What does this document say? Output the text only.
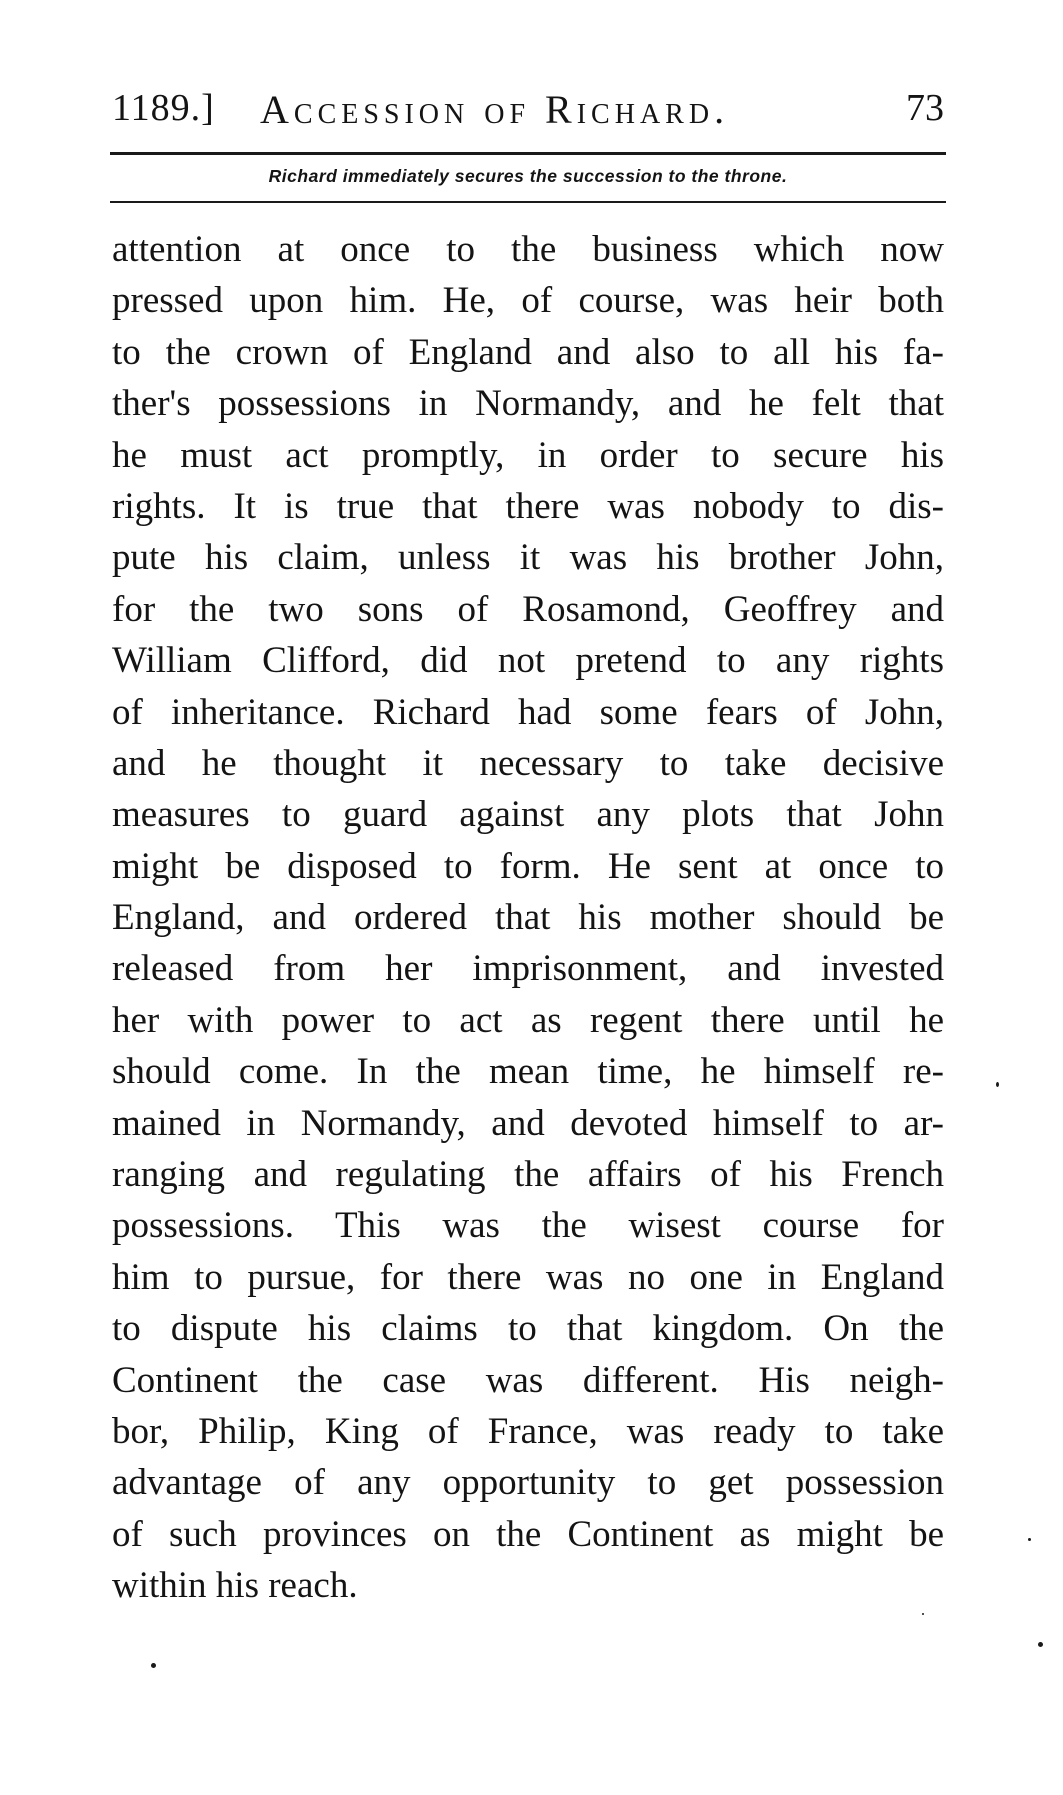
1189.] Accession of Richard.	73
Richard immediately secures the succession to the throne.
attention at once to the business which now
pressed upon him. He, of course, was heir both
to the crown of England and also to all his fa-
ther's possessions in Normandy, and he felt that
he must act promptly, in order to secure his
rights. It is true that there was nobody to dis-
pute his claim, unless it was his brother John,
for the two sons of Rosamond, Geoffrey and
William Clifford, did not pretend to any rights
of inheritance. Richard had some fears of John,
and he thought it necessary to take decisive
measures to guard against any plots that John
might be disposed to form. He sent at once to
England, and ordered that his mother should be
released from her imprisonment, and invested
her with power to act as regent there until he
should come. In the mean time, he himself re-
mained in Normandy, and devoted himself to ar-
ranging and regulating the affairs of his French
possessions. This was the wisest course for
him to pursue, for there was no one in England
to dispute his claims to that kingdom. On the
Continent the case was different. His neigh-
bor, Philip, King of France, was ready to take
advantage of any opportunity to get possession
of such provinces on the Continent as might be
within his reach.
